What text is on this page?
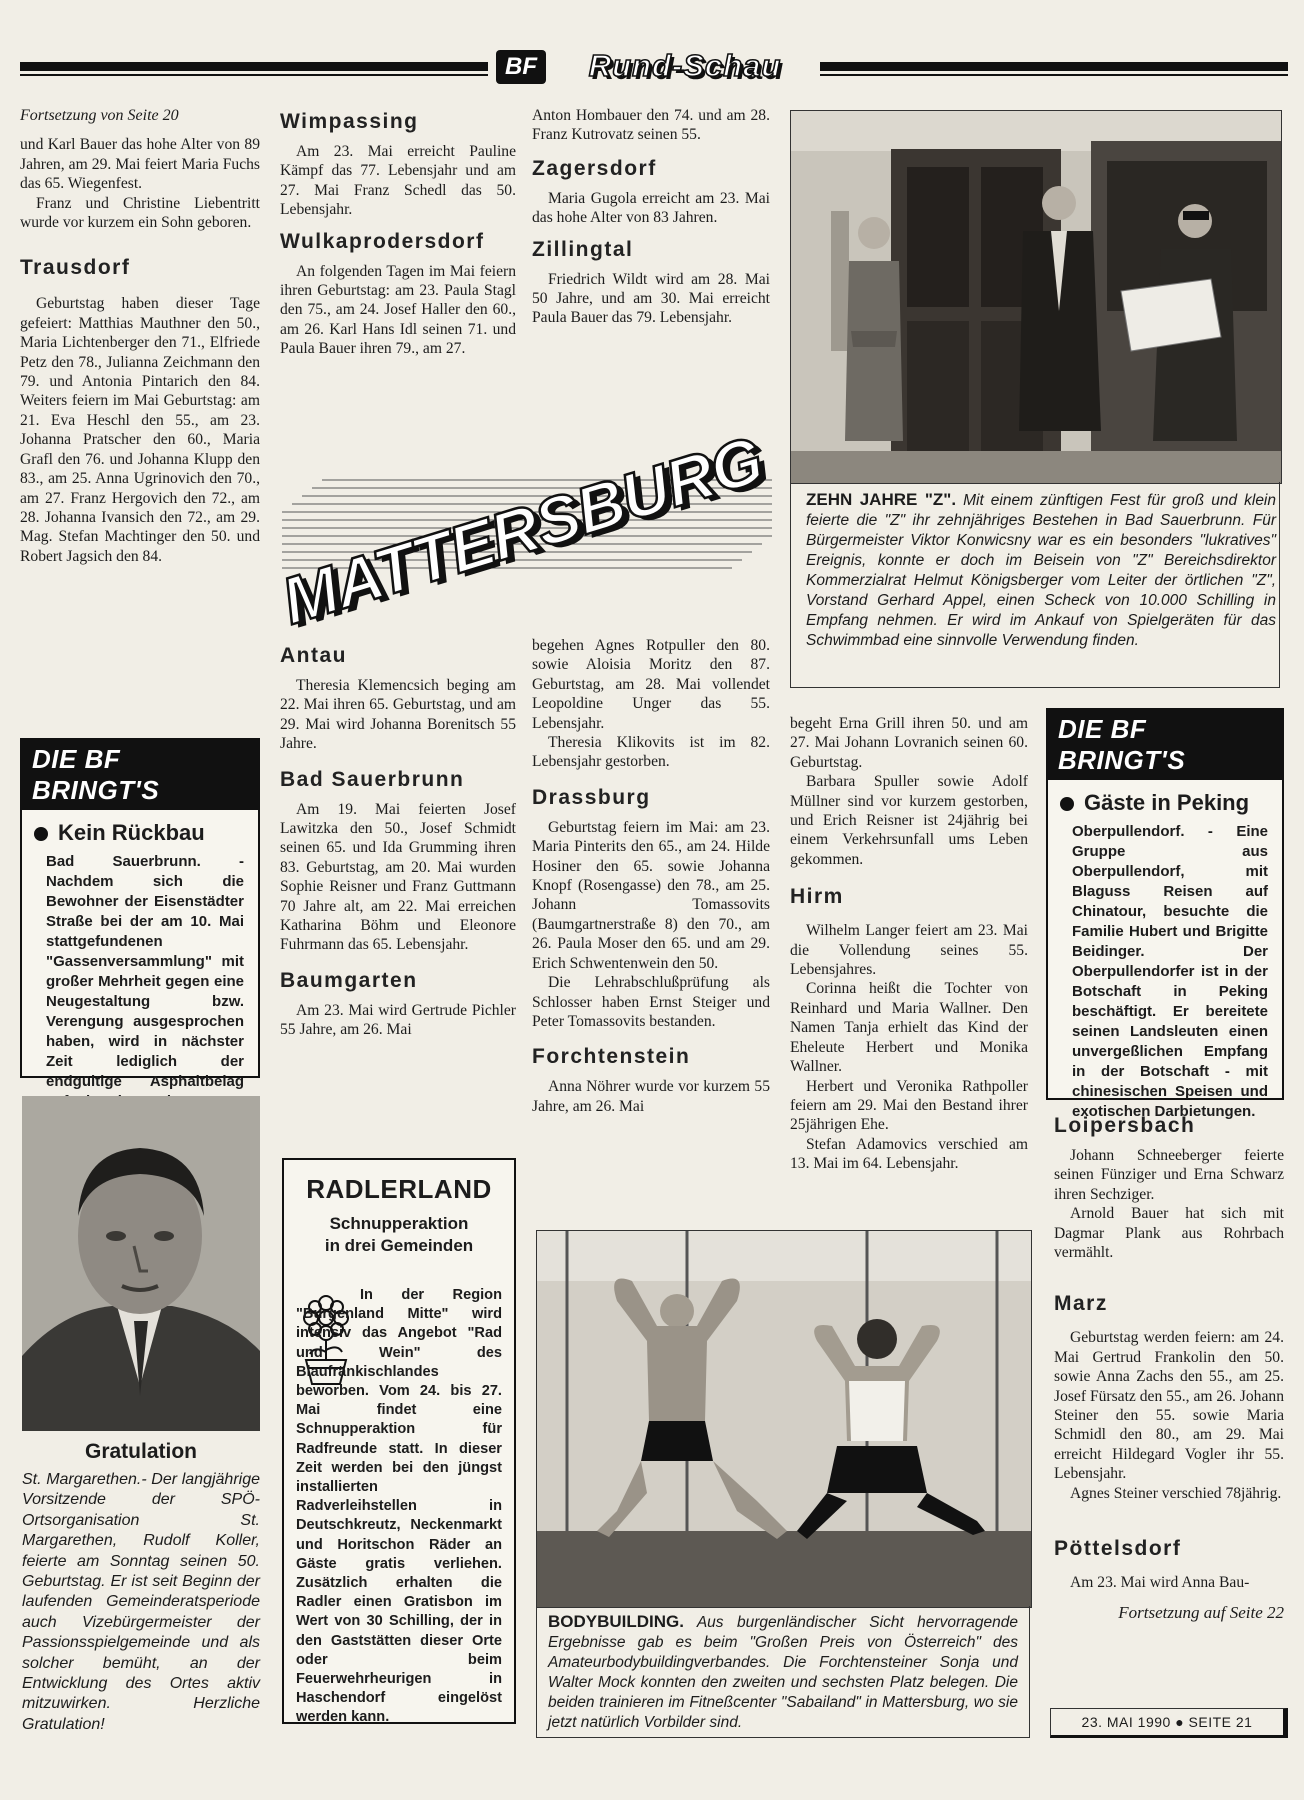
BF	Rund-Schau
Fortsetzung von Seite 20

und Karl Bauer das hohe Alter von 89 Jahren, am 29. Mai feiert Maria Fuchs das 65. Wiegenfest.

Franz und Christine Liebentritt wurde vor kurzem ein Sohn geboren.

Trausdorf

Geburtstag haben dieser Tage gefeiert: Matthias Mauthner den 50., Maria Lichtenberger den 71., Elfriede Petz den 78., Julianna Zeichmann den 79. und Antonia Pintarich den 84. Weiters feiern im Mai Geburtstag: am 21. Eva Heschl den 55., am 23. Johanna Pratscher den 60., Maria Grafl den 76. und Johanna Klupp den 83., am 25. Anna Ugrinovich den 70., am 27. Franz Hergovich den 72., am 28. Johanna Ivansich den 72., am 29. Mag. Stefan Machtinger den 50. und Robert Jagsich den 84.

DIE BF BRINGT'S
Kein Rückbau
Bad Sauerbrunn. - Nachdem sich die Bewohner der Eisenstädter Straße bei der am 10. Mai stattgefundenen "Gassenversammlung" mit großer Mehrheit gegen eine Neugestaltung bzw. Verengung ausgesprochen haben, wird in nächster Zeit lediglich der endgültige Asphaltbelag
Gratulation
St. Margarethen.- Der langjährige Vorsitzende der SPÖ-Ortsorganisation St. Margarethen, Rudolf Koller, feierte am Sonntag seinen 50. Geburtstag. Er ist seit Beginn der laufenden Gemeinderatsperiode auch Vizebürgermeister der Passionsspielgemeinde und als solcher bemüht, an der Entwicklung des Ortes aktiv mitzuwirken. Herzliche Gratulation!
Wimpassing

Am 23. Mai erreicht Pauline Kämpf das 77. Lebensjahr und am 27. Mai Franz Schedl das 50. Lebensjahr.

Wulkaprodersdorf

An folgenden Tagen im Mai feiern ihren Geburtstag: am 23. Paula Stagl den 75., am 24. Josef Haller den 60., am 26. Karl Hans Idl seinen 71. und Paula Bauer ihren 79., am 27.

Anton Hombauer den 74. und am 28. Franz Kutrovatz seinen 55.

Zagersdorf

Maria Gugola erreicht am 23. Mai das hohe Alter von 83 Jahren.

Zillingtal

Friedrich Wildt wird am 28. Mai 50 Jahre, und am 30. Mai erreicht Paula Bauer das 79. Lebensjahr.

MATTERSBURG ZEHN JAHRE "Z". Mit einem zünftigen Fest für groß und klein feierte die "Z" ihr zehnjähriges Bestehen in Bad Sauerbrunn. Für Bürgermeister Viktor Konwicsny war es ein besonders "lukratives" Ereignis, konnte er doch im Beisein von "Z" Bereichsdirektor Kommerzialrat Helmut Königsberger vom Leiter der örtlichen "Z", Vorstand Gerhard Appel, einen Scheck von 10.000 Schilling in Empfang nehmen. Er wird im Ankauf von Spielgeräten für das Schwimmbad eine sinnvolle Verwendung finden.
Antau

Theresia Klemencsich beging am 22. Mai ihren 65. Geburtstag, und am 29. Mai wird Johanna Borenitsch 55 Jahre.

Bad Sauerbrunn

Am 19. Mai feierten Josef Lawitzka den 50., Josef Schmidt seinen 65. und Ida Grumming ihren 83. Geburtstag, am 20. Mai wurden Sophie Reisner und Franz Guttmann 70 Jahre alt, am 22. Mai erreichen Katharina Böhm und Eleonore Fuhrmann das 65. Lebensjahr.

Baumgarten

Am 23. Mai wird Gertrude Pichler 55 Jahre, am 26. Mai

RADLERLAND
Schnupperaktion in drei Gemeinden
In der Region "Burgenland Mitte" wird intensiv das Angebot "Rad und Wein" des Blaufränkischlandes beworben. Vom 24. bis 27. Mai findet eine Schnupperaktion für Radfreunde statt. In dieser Zeit werden bei den jüngst installierten Radverleihstellen in Deutschkreutz, Neckenmarkt und Horitschon Räder an Gäste gratis verliehen. Zusätzlich erhalten die Radler einen Gratisbon im Wert von 30 Schilling, der in den Gaststätten dieser Orte oder beim Feuerwehrheurigen in Haschendorf eingelöst werden kann.

begehen Agnes Rotpuller den 80. sowie Aloisia Moritz den 87. Geburtstag, am 28. Mai vollendet Leopoldine Unger das 55. Lebensjahr.

Theresia Klikovits ist im 82. Lebensjahr gestorben.

Drassburg

Geburtstag feiern im Mai: am 23. Maria Pinterits den 65., am 24. Hilde Hosiner den 65. sowie Johanna Knopf (Rosengasse) den 78., am 25. Johann Tomassovits (Baumgartnerstraße 8) den 70., am 26. Paula Moser den 65. und am 29. Erich Schwentenwein den 50.

Die Lehrabschlußprüfung als Schlosser haben Ernst Steiger und Peter Tomassovits bestanden.

Forchtenstein

Anna Nöhrer wurde vor kurzem 55 Jahre, am 26. Mai

begeht Erna Grill ihren 50. und am 27. Mai Johann Lovranich seinen 60. Geburtstag.

Barbara Spuller sowie Adolf Müllner sind vor kurzem gestorben, und Erich Reisner ist 24jährig bei einem Verkehrsunfall ums Leben gekommen.

Hirm

Wilhelm Langer feiert am 23. Mai die Vollendung seines 55. Lebensjahres.

Corinna heißt die Tochter von Reinhard und Maria Wallner. Den Namen Tanja erhielt das Kind der Eheleute Herbert und Monika Wallner.

Herbert und Veronika Rathpoller feiern am 29. Mai den Bestand ihrer 25jährigen Ehe.

Stefan Adamovics verschied am 13. Mai im 64. Lebensjahr.

BODYBUILDING. Aus burgenländischer Sicht hervorragende Ergebnisse gab es beim "Großen Preis von Österreich" des Amateurbodybuildingverbandes. Die Forchtensteiner Sonja und Walter Mock konnten den zweiten und sechsten Platz belegen. Die beiden trainieren im Fitneßcenter "Sabailand" in Mattersburg, wo sie jetzt natürlich Vorbilder sind.
DIE BF BRINGT'S
Gäste in Peking
Oberpullendorf. - Eine Gruppe aus Oberpullendorf, mit Blaguss Reisen auf Chinatour, besuchte die Familie Hubert und Brigitte Beidinger. Der Oberpullendorfer ist in der Botschaft in Peking beschäftigt. Er bereitete seinen Landsleuten einen unvergeßlichen Empfang in der Botschaft - mit chinesischen Speisen und exotischen Darbietungen.
Loipersbach

Johann Schneeberger feierte seinen Fünziger und Erna Schwarz ihren Sechziger.

Arnold Bauer hat sich mit Dagmar Plank aus Rohrbach vermählt.

Marz

Geburtstag werden feiern: am 24. Mai Gertrud Frankolin den 50. sowie Anna Zachs den 55., am 25. Josef Fürsatz den 55., am 26. Johann Steiner den 55. sowie Maria Schmidl den 80., am 29. Mai erreicht Hildegard Vogler ihr 55. Lebensjahr.

Agnes Steiner verschied 78jährig.

Pöttelsdorf

Am 23. Mai wird Anna Bau-

Fortsetzung auf Seite 22
23. MAI 1990 ● SEITE 21
